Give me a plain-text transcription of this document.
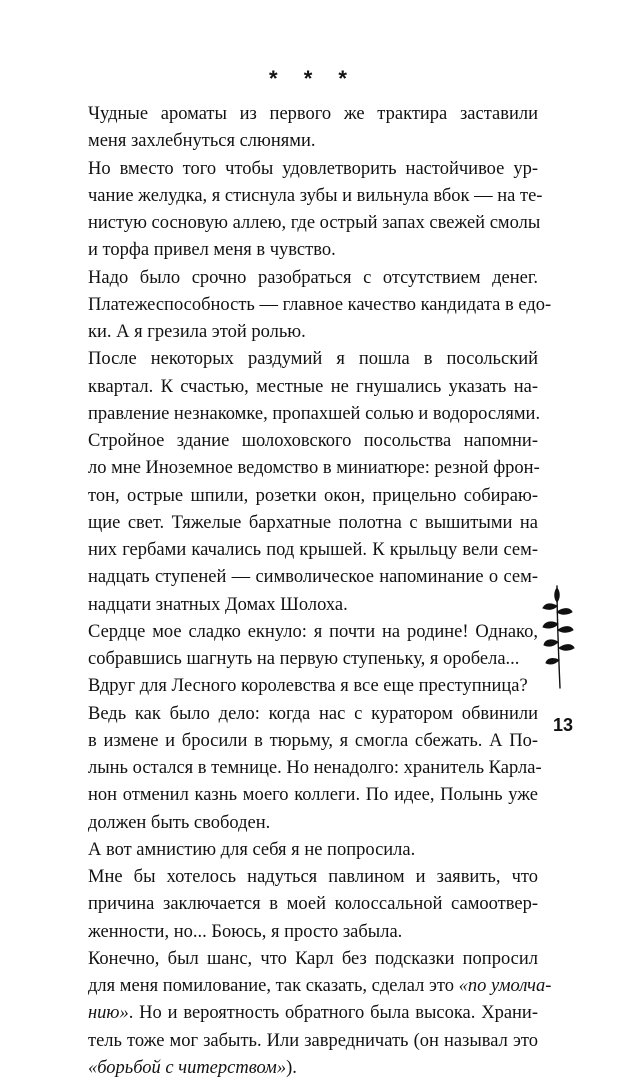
* * *
Чудные ароматы из первого же трактира заставили
меня захлебнуться слюнями.
Но вместо того чтобы удовлетворить настойчивое ур-
чание желудка, я стиснула зубы и вильнула вбок — на те-
нистую сосновую аллею, где острый запах свежей смолы
и торфа привел меня в чувство.
Надо было срочно разобраться с отсутствием денег.
Платежеспособность — главное качество кандидата в едо-
ки. А я грезила этой ролью.
После некоторых раздумий я пошла в посольский
квартал. К счастью, местные не гнушались указать на-
правление незнакомке, пропахшей солью и водорослями.
Стройное здание шолоховского посольства напомни-
ло мне Иноземное ведомство в миниатюре: резной фрон-
тон, острые шпили, розетки окон, прицельно собираю-
щие свет. Тяжелые бархатные полотна с вышитыми на
них гербами качались под крышей. К крыльцу вели сем-
надцать ступеней — символическое напоминание о сем-
надцати знатных Домах Шолоха.
Сердце мое сладко екнуло: я почти на родине! Однако,
собравшись шагнуть на первую ступеньку, я оробела...
Вдруг для Лесного королевства я все еще преступница?
Ведь как было дело: когда нас с куратором обвинили
в измене и бросили в тюрьму, я смогла сбежать. А По-
лынь остался в темнице. Но ненадолго: хранитель Карла-
нон отменил казнь моего коллеги. По идее, Полынь уже
должен быть свободен.
А вот амнистию для себя я не попросила.
Мне бы хотелось надуться павлином и заявить, что
причина заключается в моей колоссальной самоотвер-
женности, но... Боюсь, я просто забыла.
Конечно, был шанс, что Карл без подсказки попросил
для меня помилование, так сказать, сделал это «по умолча-
нию». Но и вероятность обратного была высока. Храни-
тель тоже мог забыть. Или завредничать (он называл это
«борьбой с читерством»).
13
